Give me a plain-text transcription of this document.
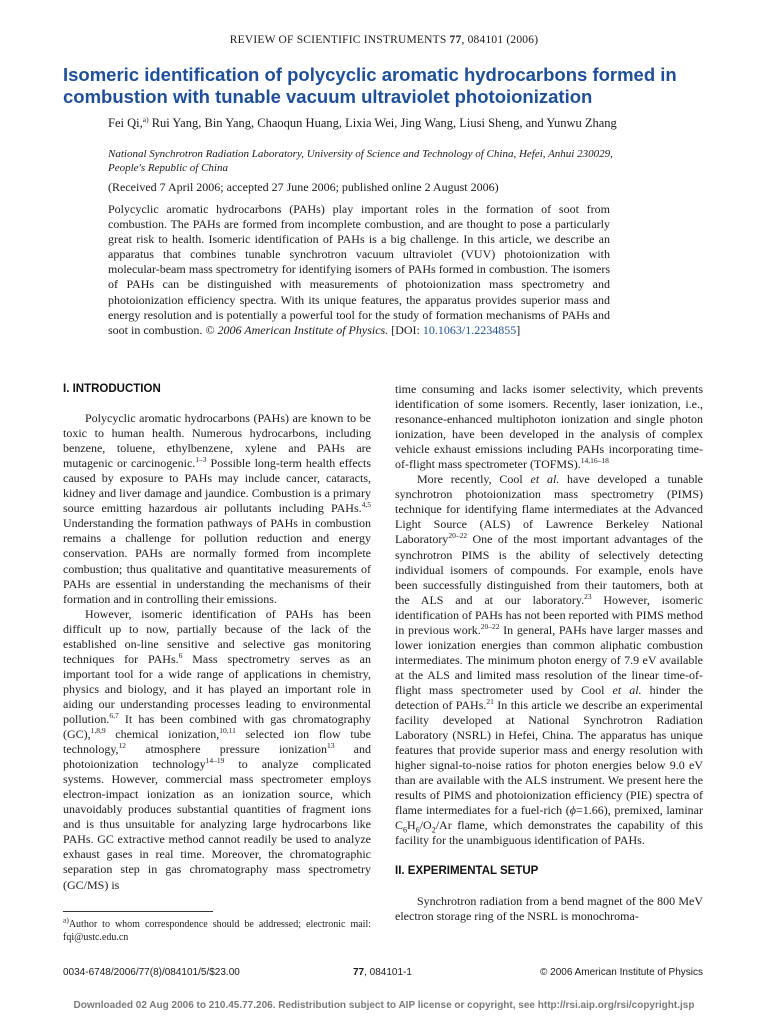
REVIEW OF SCIENTIFIC INSTRUMENTS 77, 084101 (2006)
Isomeric identification of polycyclic aromatic hydrocarbons formed in combustion with tunable vacuum ultraviolet photoionization
Fei Qi,$^{a)}$ Rui Yang, Bin Yang, Chaoqun Huang, Lixia Wei, Jing Wang, Liusi Sheng, and Yunwu Zhang
National Synchrotron Radiation Laboratory, University of Science and Technology of China, Hefei, Anhui 230029, People's Republic of China
(Received 7 April 2006; accepted 27 June 2006; published online 2 August 2006)
Polycyclic aromatic hydrocarbons (PAHs) play important roles in the formation of soot from combustion. The PAHs are formed from incomplete combustion, and are thought to pose a particularly great risk to health. Isomeric identification of PAHs is a big challenge. In this article, we describe an apparatus that combines tunable synchrotron vacuum ultraviolet (VUV) photoionization with molecular-beam mass spectrometry for identifying isomers of PAHs formed in combustion. The isomers of PAHs can be distinguished with measurements of photoionization mass spectrometry and photoionization efficiency spectra. With its unique features, the apparatus provides superior mass and energy resolution and is potentially a powerful tool for the study of formation mechanisms of PAHs and soot in combustion. © 2006 American Institute of Physics. [DOI: 10.1063/1.2234855]
I. INTRODUCTION

Polycyclic aromatic hydrocarbons (PAHs) are known to be toxic to human health. Numerous hydrocarbons, including benzene, toluene, ethylbenzene, xylene and PAHs are mutagenic or carcinogenic.$^{1-3}$ Possible long-term health effects caused by exposure to PAHs may include cancer, cataracts, kidney and liver damage and jaundice. Combustion is a primary source emitting hazardous air pollutants including PAHs.$^{4,5}$ Understanding the formation pathways of PAHs in combustion remains a challenge for pollution reduction and energy conservation. PAHs are normally formed from incomplete combustion; thus qualitative and quantitative measurements of PAHs are essential in understanding the mechanisms of their formation and in controlling their emissions.

However, isomeric identification of PAHs has been difficult up to now, partially because of the lack of the established on-line sensitive and selective gas monitoring techniques for PAHs.$^6$ Mass spectrometry serves as an important tool for a wide range of applications in chemistry, physics and biology, and it has played an important role in aiding our understanding processes leading to environmental pollution.$^{6,7}$ It has been combined with gas chromatography (GC),$^{1,8,9}$ chemical ionization,$^{10,11}$ selected ion flow tube technology,$^{12}$ atmosphere pressure ionization$^{13}$ and photoionization technology$^{14-19}$ to analyze complicated systems. However, commercial mass spectrometer employs electron-impact ionization as an ionization source, which unavoidably produces substantial quantities of fragment ions and is thus unsuitable for analyzing large hydrocarbons like PAHs. GC extractive method cannot readily be used to analyze exhaust gases in real time. Moreover, the chromatographic separation step in gas chromatography mass spectrometry (GC/MS) is

time consuming and lacks isomer selectivity, which prevents identification of some isomers. Recently, laser ionization, i.e., resonance-enhanced multiphoton ionization and single photon ionization, have been developed in the analysis of complex vehicle exhaust emissions including PAHs incorporating time-of-flight mass spectrometer (TOFMS).$^{14,16-18}$

More recently, Cool et al. have developed a tunable synchrotron photoionization mass spectrometry (PIMS) technique for identifying flame intermediates at the Advanced Light Source (ALS) of Lawrence Berkeley National Laboratory$^{20-22}$ One of the most important advantages of the synchrotron PIMS is the ability of selectively detecting individual isomers of compounds. For example, enols have been successfully distinguished from their tautomers, both at the ALS and at our laboratory.$^{23}$ However, isomeric identification of PAHs has not been reported with PIMS method in previous work.$^{20-22}$ In general, PAHs have larger masses and lower ionization energies than common aliphatic combustion intermediates. The minimum photon energy of 7.9 eV available at the ALS and limited mass resolution of the linear time-of-flight mass spectrometer used by Cool et al. hinder the detection of PAHs.$^{21}$ In this article we describe an experimental facility developed at National Synchrotron Radiation Laboratory (NSRL) in Hefei, China. The apparatus has unique features that provide superior mass and energy resolution with higher signal-to-noise ratios for photon energies below 9.0 eV than are available with the ALS instrument. We present here the results of PIMS and photoionization efficiency (PIE) spectra of flame intermediates for a fuel-rich (ϕ=1.66), premixed, laminar $C_6H_6/O_2/Ar$ flame, which demonstrates the capability of this facility for the unambiguous identification of PAHs.

II. EXPERIMENTAL SETUP

Synchrotron radiation from a bend magnet of the 800 MeV electron storage ring of the NSRL is monochroma-

$^{a)}$Author to whom correspondence should be addressed; electronic mail: fqi@ustc.edu.cn
0034-6748/2006/77(8)/084101/5/$23.00	77, 084101-1	© 2006 American Institute of Physics
Downloaded 02 Aug 2006 to 210.45.77.206. Redistribution subject to AIP license or copyright, see http://rsi.aip.org/rsi/copyright.jsp
